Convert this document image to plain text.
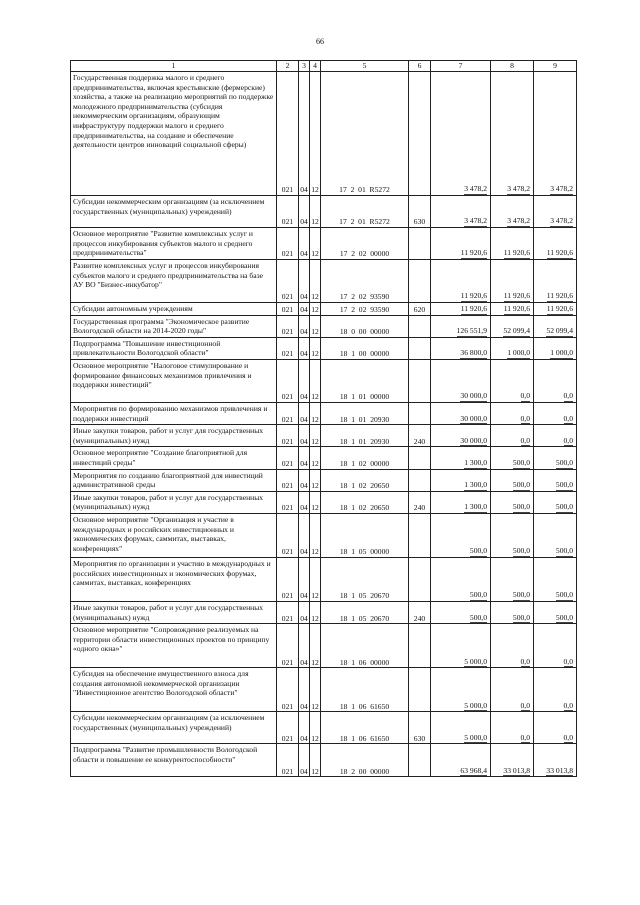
66
1	2	3	4	5	6	7	8	9
Государственная поддержка малого и среднего предпринимательства, включая крестьянские (фермерские) хозяйства, а также на реализацию мероприятий по поддержке молодежного предпринимательства (субсидия некоммерческим организациям, образующим инфраструктуру поддержки малого и среднего предпринимательства, на создание и обеспечение деятельности центров инноваций социальной сферы)	021	04	12	17  2  01  R5272		3 478,2	3 478,2	3 478,2
Субсидии некоммерческим организациям (за исключением государственных (муниципальных) учреждений)	021	04	12	17  2  01  R5272	630	3 478,2	3 478,2	3 478,2
Основное мероприятие "Развитие комплексных услуг и процессов инкубирования субъектов малого и среднего предпринимательства"	021	04	12	17  2  02  00000		11 920,6	11 920,6	11 920,6
Развитие комплексных услуг и процессов инкубирования субъектов малого и среднего предпринимательства на базе АУ ВО "Бизнес-инкубатор"	021	04	12	17  2  02  93590		11 920,6	11 920,6	11 920,6
Субсидии автономным учреждениям	021	04	12	17  2  02  93590	620	11 920,6	11 920,6	11 920,6
Государственная программа "Экономическое развитие Вологодской области на 2014-2020 годы"	021	04	12	18  0  00  00000		126 551,9	52 099,4	52 099,4
Подпрограмма "Повышение инвестиционной привлекательности Вологодской области"	021	04	12	18  1  00  00000		36 800,0	1 000,0	1 000,0
Основное мероприятие "Налоговое стимулирование и формирование финансовых механизмов привлечения и поддержки инвестиций"	021	04	12	18  1  01  00000		30 000,0	0,0	0,0
Мероприятия по формированию механизмов привлечения и поддержки инвестиций	021	04	12	18  1  01  20930		30 000,0	0,0	0,0
Иные закупки товаров, работ и услуг для государственных (муниципальных) нужд	021	04	12	18  1  01  20930	240	30 000,0	0,0	0,0
Основное мероприятие "Создание благоприятной для инвестиций среды"	021	04	12	18  1  02  00000		1 300,0	500,0	500,0
Мероприятия по созданию благоприятной для инвестиций административной среды	021	04	12	18  1  02  20650		1 300,0	500,0	500,0
Иные закупки товаров, работ и услуг для государственных (муниципальных) нужд	021	04	12	18  1  02  20650	240	1 300,0	500,0	500,0
Основное мероприятие "Организация и участие в международных и российских инвестиционных и экономических форумах, саммитах, выставках, конференциях"	021	04	12	18  1  05  00000		500,0	500,0	500,0
Мероприятия по организации и участию в международных и российских инвестиционных и экономических форумах, саммитах, выставках, конференциях	021	04	12	18  1  05  20670		500,0	500,0	500,0
Иные закупки товаров, работ и услуг для государственных (муниципальных) нужд	021	04	12	18  1  05  20670	240	500,0	500,0	500,0
Основное мероприятие "Сопровождение реализуемых на территории области инвестиционных проектов по принципу «одного окна»"	021	04	12	18  1  06  00000		5 000,0	0,0	0,0
Субсидия на обеспечение имущественного взноса для создания автономной некоммерческой организации "Инвестиционное агентство Вологодской области"	021	04	12	18  1  06  61650		5 000,0	0,0	0,0
Субсидии некоммерческим организациям (за исключением государственных (муниципальных) учреждений)	021	04	12	18  1  06  61650	630	5 000,0	0,0	0,0
Подпрограмма "Развитие промышленности Вологодской области и повышение ее конкурентоспособности"	021	04	12	18  2  00  00000		63 968,4	33 013,8	33 013,8
